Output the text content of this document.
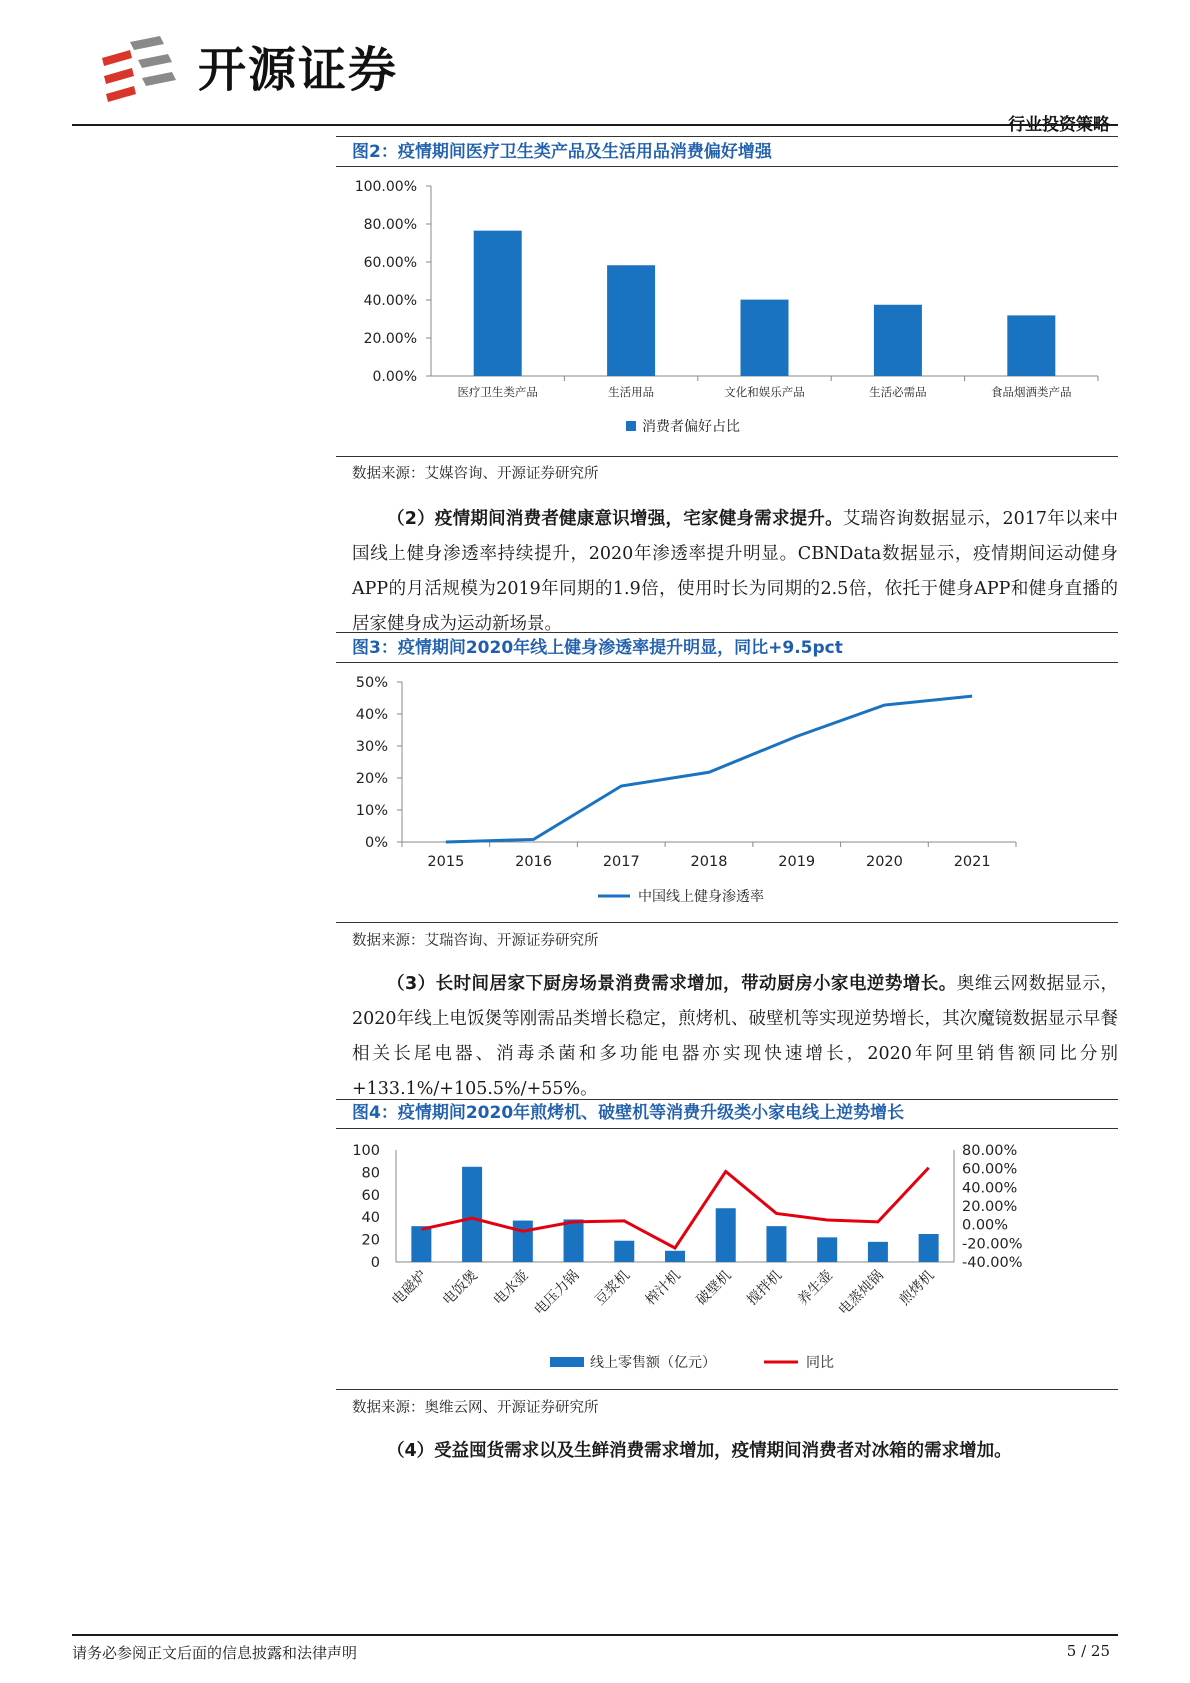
开源证券
行业投资策略
图2：疫情期间医疗卫生类产品及生活用品消费偏好增强
0.00%
20.00%
40.00%
60.00%
80.00%
100.00%
医疗卫生类产品	生活用品	文化和娱乐产品	生活必需品	食品烟酒类产品
消费者偏好占比
数据来源：艾媒咨询、开源证券研究所
（2）疫情期间消费者健康意识增强，宅家健身需求提升。艾瑞咨询数据显示，2017年以来中国线上健身渗透率持续提升，2020年渗透率提升明显。CBNData数据显示，疫情期间运动健身APP的月活规模为2019年同期的1.9倍，使用时长为同期的2.5倍，依托于健身APP和健身直播的居家健身成为运动新场景。
图3：疫情期间2020年线上健身渗透率提升明显，同比+9.5pct
0%
10%
20%
30%
40%
50%
2015	2016	2017	2018	2019	2020	2021
中国线上健身渗透率
数据来源：艾瑞咨询、开源证券研究所
（3）长时间居家下厨房场景消费需求增加，带动厨房小家电逆势增长。奥维云网数据显示，2020年线上电饭煲等刚需品类增长稳定，煎烤机、破壁机等实现逆势增长，其次魔镜数据显示早餐相关长尾电器、消毒杀菌和多功能电器亦实现快速增长，2020年阿里销售额同比分别+133.1%/+105.5%/+55%。
图4：疫情期间2020年煎烤机、破壁机等消费升级类小家电线上逆势增长
0
20
40
60
80
100
-40.00%
-20.00%
0.00%
20.00%
40.00%
60.00%
80.00%
电磁炉 电饭煲 电水壶 电压力锅 豆浆机 榨汁机 破壁机 搅拌机 养生壶 电蒸炖锅 煎烤机
线上零售额（亿元）	同比
数据来源：奥维云网、开源证券研究所
（4）受益囤货需求以及生鲜消费需求增加，疫情期间消费者对冰箱的需求增加。
请务必参阅正文后面的信息披露和法律声明	5 / 25
